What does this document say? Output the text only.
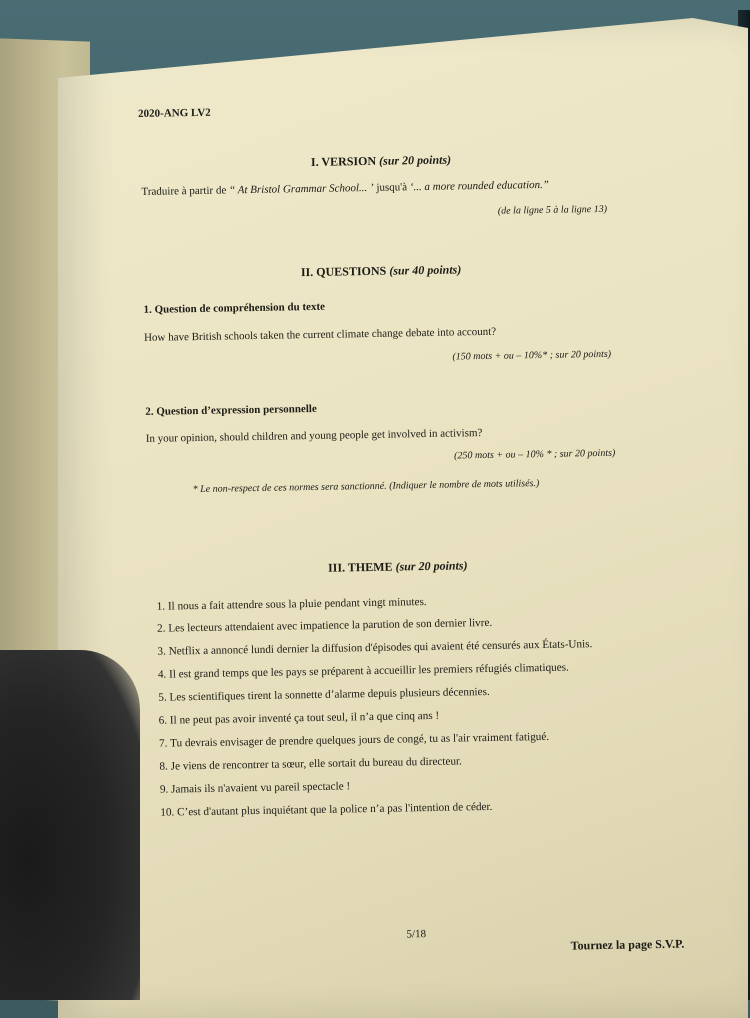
2020-ANG LV2
I. VERSION (sur 20 points)
Traduire à partir de “ At Bristol Grammar School... ’ jusqu'à ‘... a more rounded education.”
(de la ligne 5 à la ligne 13)
II. QUESTIONS (sur 40 points)
1. Question de compréhension du texte
How have British schools taken the current climate change debate into account?
(150 mots + ou – 10%* ; sur 20 points)
2. Question d’expression personnelle
In your opinion, should children and young people get involved in activism?
(250 mots + ou – 10% * ; sur 20 points)
* Le non-respect de ces normes sera sanctionné. (Indiquer le nombre de mots utilisés.)
III. THEME (sur 20 points)
1. Il nous a fait attendre sous la pluie pendant vingt minutes.
2. Les lecteurs attendaient avec impatience la parution de son dernier livre.
3. Netflix a annoncé lundi dernier la diffusion d'épisodes qui avaient été censurés aux États-Unis.
4. Il est grand temps que les pays se préparent à accueillir les premiers réfugiés climatiques.
5. Les scientifiques tirent la sonnette d’alarme depuis plusieurs décennies.
6. Il ne peut pas avoir inventé ça tout seul, il n’a que cinq ans !
7. Tu devrais envisager de prendre quelques jours de congé, tu as l'air vraiment fatigué.
8. Je viens de rencontrer ta sœur, elle sortait du bureau du directeur.
9. Jamais ils n'avaient vu pareil spectacle !
10. C’est d'autant plus inquiétant que la police n’a pas l'intention de céder.
5/18
Tournez la page S.V.P.
